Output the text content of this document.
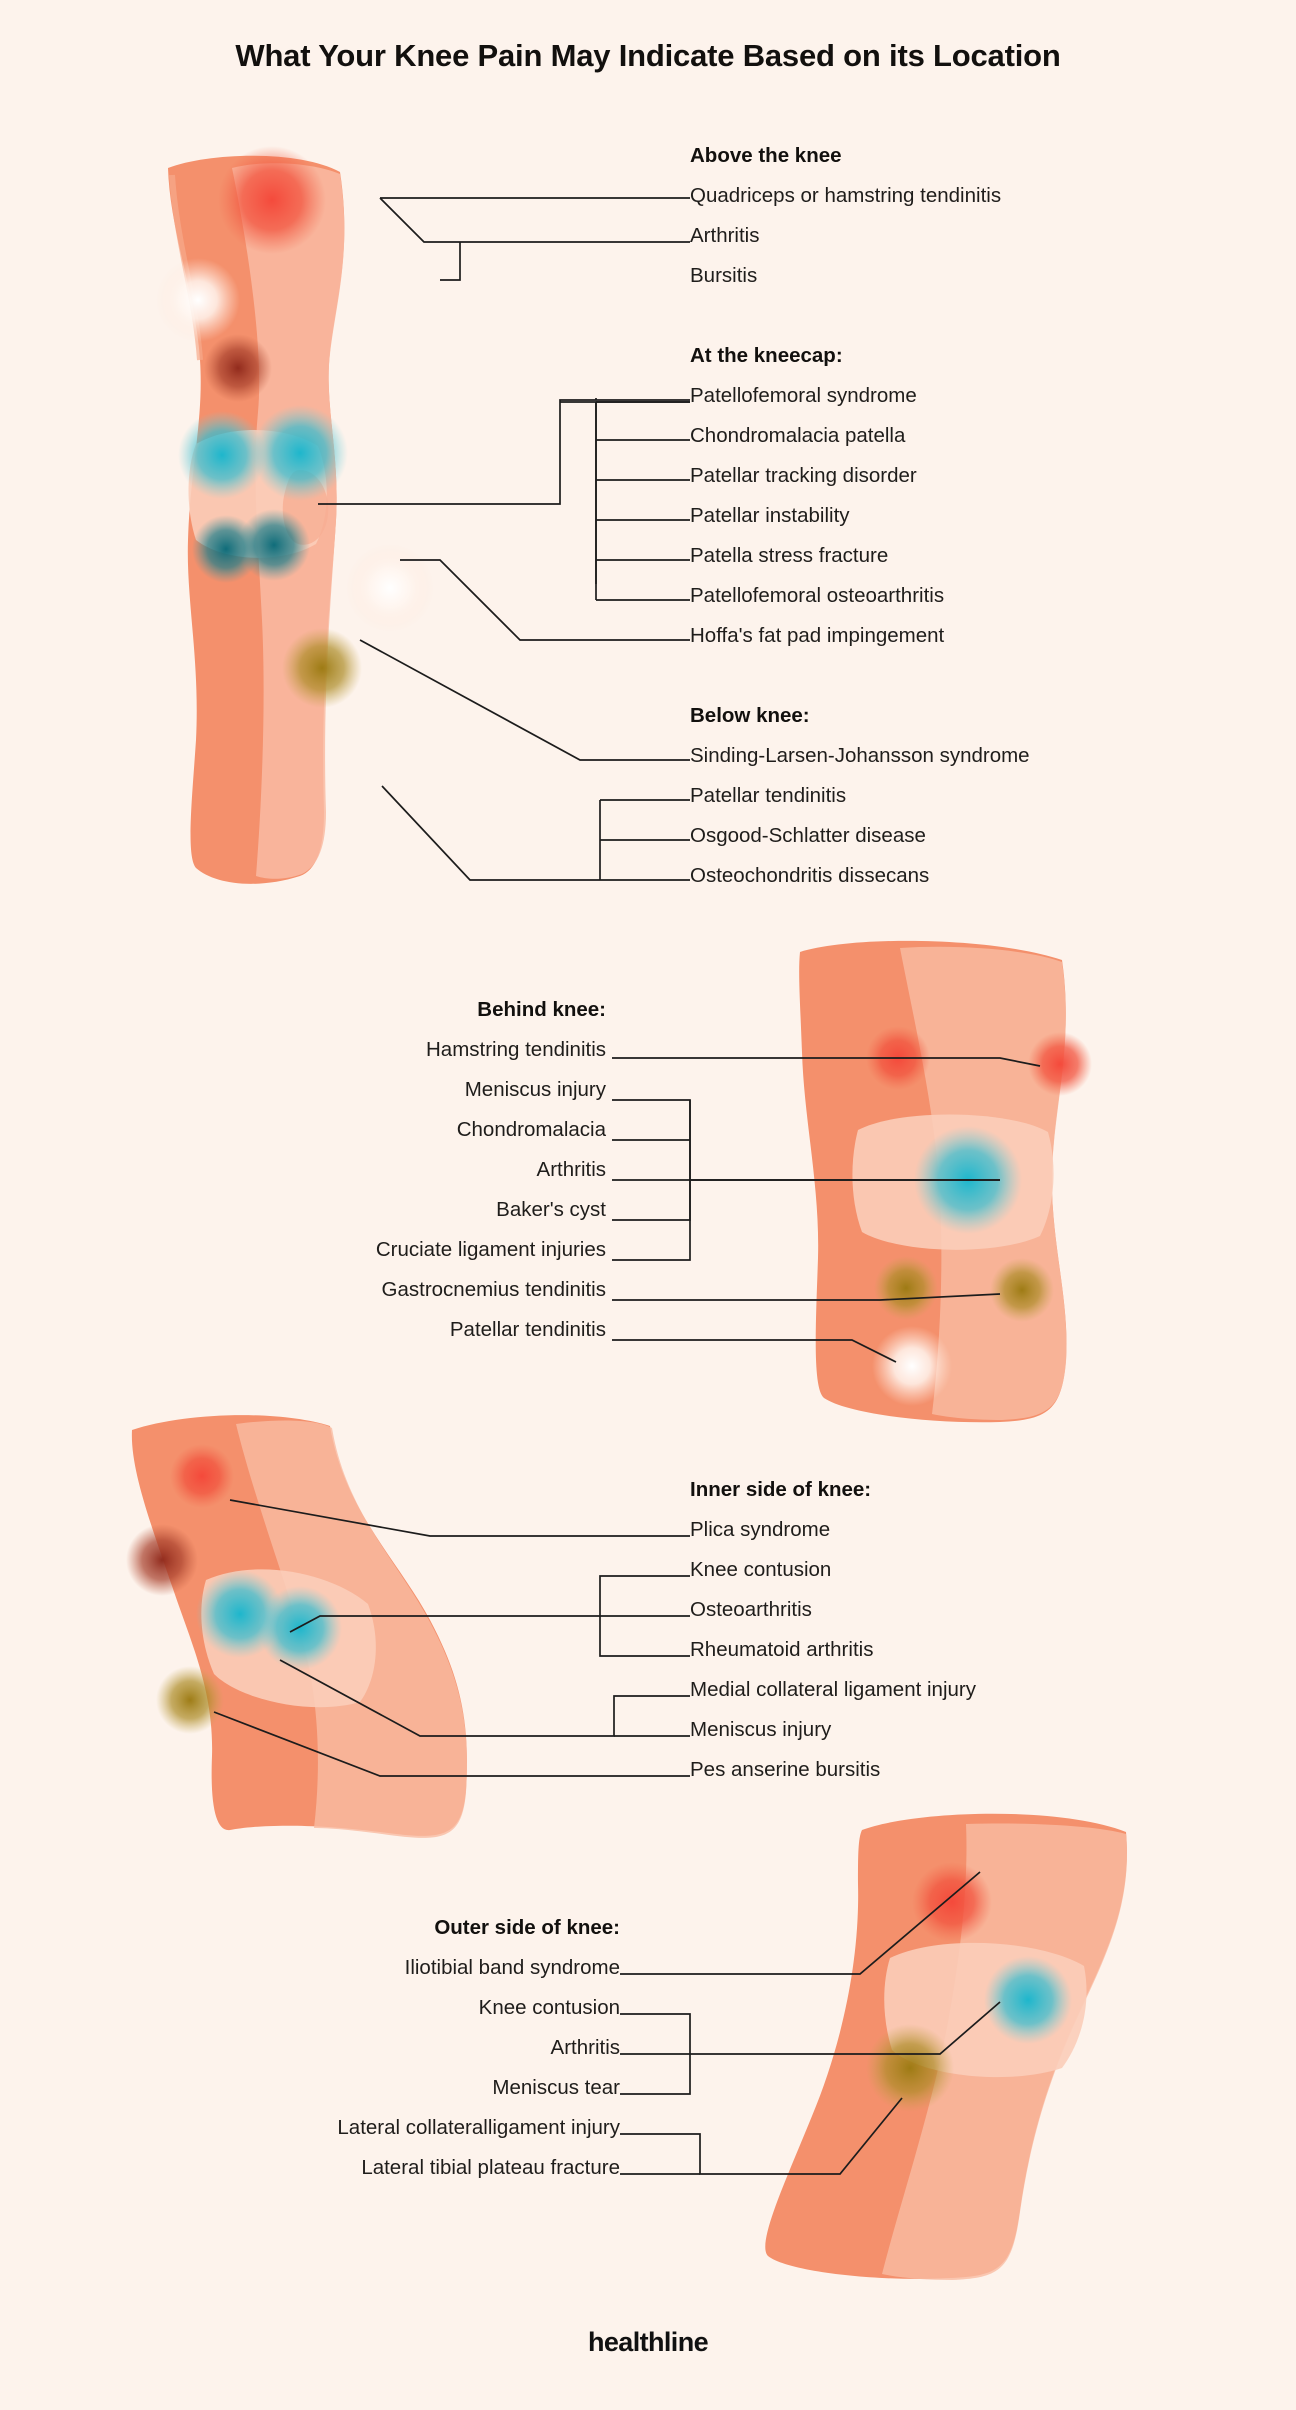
What Your Knee Pain May Indicate Based on its Location
Above the knee
Quadriceps or hamstring tendinitis
Arthritis
Bursitis
At the kneecap:
Patellofemoral syndrome
Chondromalacia patella
Patellar tracking disorder
Patellar instability
Patella stress fracture
Patellofemoral osteoarthritis
Hoffa's fat pad impingement
Below knee:
Sinding-Larsen-Johansson syndrome
Patellar tendinitis
Osgood-Schlatter disease
Osteochondritis dissecans
Behind knee:
Hamstring tendinitis
Meniscus injury
Chondromalacia
Arthritis
Baker's cyst
Cruciate ligament injuries
Gastrocnemius tendinitis
Patellar tendinitis
Inner side of knee:
Plica syndrome
Knee contusion
Osteoarthritis
Rheumatoid arthritis
Medial collateral ligament injury
Meniscus injury
Pes anserine bursitis
Outer side of knee:
Iliotibial band syndrome
Knee contusion
Arthritis
Meniscus tear
Lateral collateralligament injury
Lateral tibial plateau fracture
healthline
